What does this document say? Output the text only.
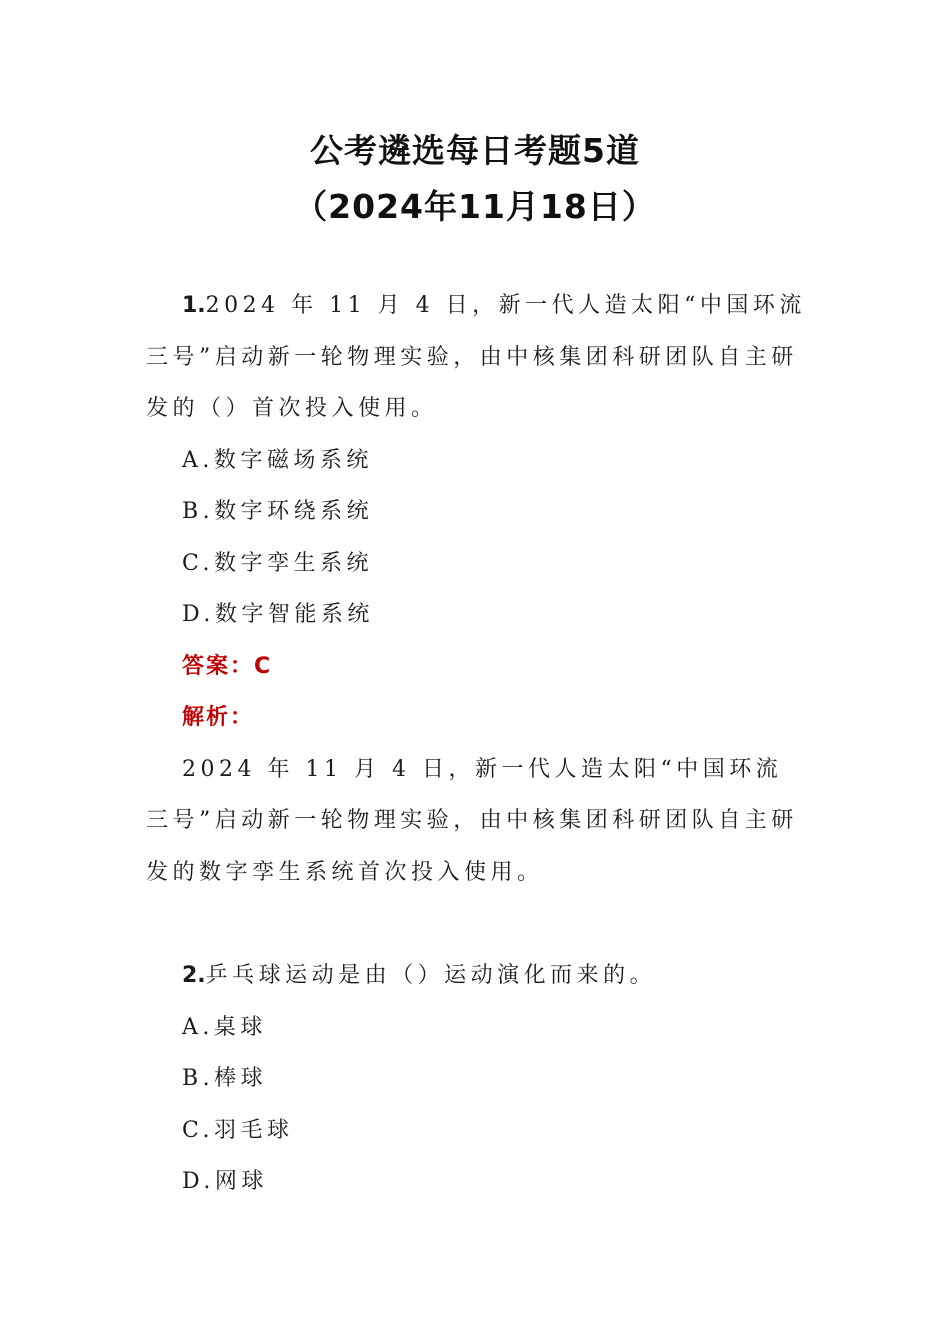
公考遴选每日考题5道
（2024年11月18日）

1.2024 年 11 月 4 日，新一代人造太阳“中国环流三号”启动新一轮物理实验，由中核集团科研团队自主研发的（）首次投入使用。

A.数字磁场系统

B.数字环绕系统

C.数字孪生系统

D.数字智能系统

答案：C

解析：

2024 年 11 月 4 日，新一代人造太阳“中国环流三号”启动新一轮物理实验，由中核集团科研团队自主研发的数字孪生系统首次投入使用。

2.乒乓球运动是由（）运动演化而来的。

A.桌球

B.棒球

C.羽毛球

D.网球
